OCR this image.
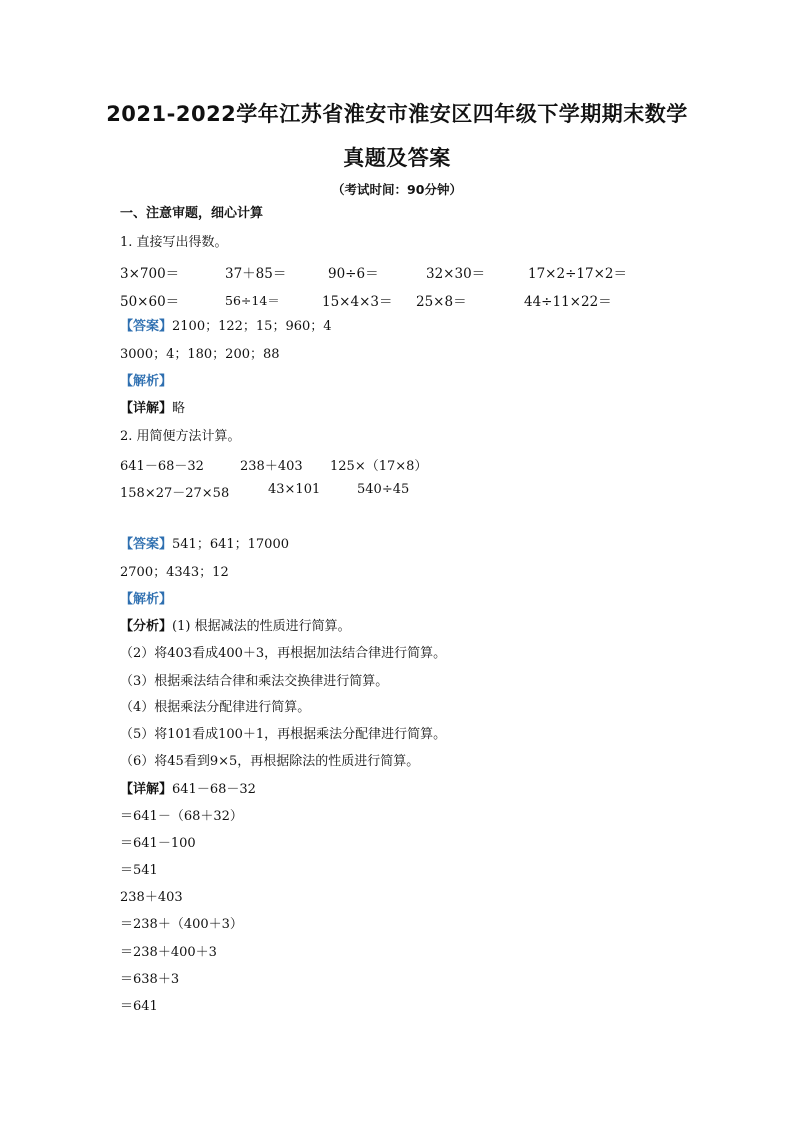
2021-2022学年江苏省淮安市淮安区四年级下学期期末数学
真题及答案
（考试时间：90分钟）
一、注意审题，细心计算
1. 直接写出得数。
3×700＝	37＋85＝	90÷6＝	32×30＝	17×2÷17×2＝
50×60＝	56÷14＝	15×4×3＝ 25×8＝	44÷11×22＝
【答案】2100；122；15；960；4
3000；4；180；200；88
【解析】
【详解】略
2. 用简便方法计算。
641－68－32	238＋403 125×（17×8）
158×27－27×58	43×101	540÷45
【答案】541；641；17000
2700；4343；12
【解析】
【分析】(1) 根据减法的性质进行简算。
（2）将403看成400＋3，再根据加法结合律进行简算。
（3）根据乘法结合律和乘法交换律进行简算。
（4）根据乘法分配律进行简算。
（5）将101看成100＋1，再根据乘法分配律进行简算。
（6）将45看到9×5，再根据除法的性质进行简算。
【详解】641－68－32
＝641－（68＋32）
＝641－100
＝541
238＋403
＝238＋（400＋3）
＝238＋400＋3
＝638＋3
＝641
